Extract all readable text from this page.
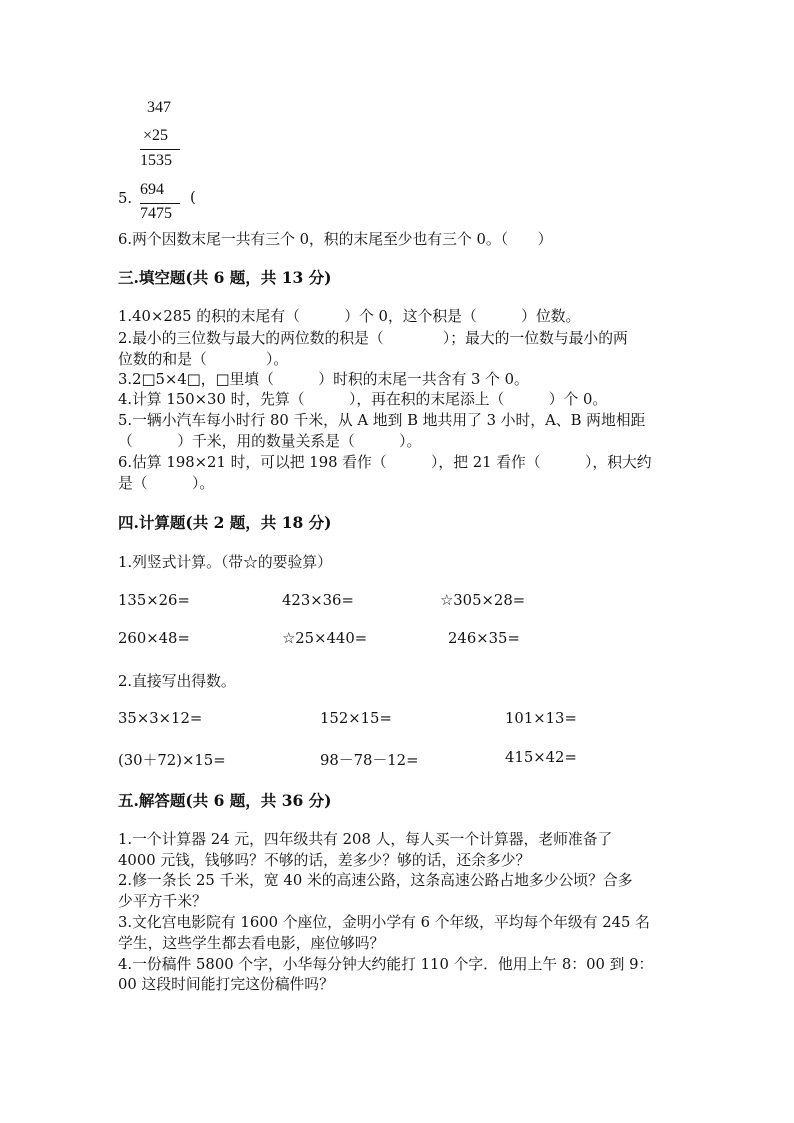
347
×25
1535
5.
694 (
7475
6.两个因数末尾一共有三个 0，积的末尾至少也有三个 0。（　　）
三.填空题(共 6 题，共 13 分)
1.40×285 的积的末尾有（　　　）个 0，这个积是（　　　）位数。
2.最小的三位数与最大的两位数的积是（　　　　）；最大的一位数与最小的两
位数的和是（　　　　）。
3.2□5×4□，□里填（　　　）时积的末尾一共含有 3 个 0。
4.计算 150×30 时，先算（　　　），再在积的末尾添上（　　　）个 0。
5.一辆小汽车每小时行 80 千米，从 A 地到 B 地共用了 3 小时，A、B 两地相距
（　　　）千米，用的数量关系是（　　　）。
6.估算 198×21 时，可以把 198 看作（　　　），把 21 看作（　　　），积大约
是（　　　）。
四.计算题(共 2 题，共 18 分)
1.列竖式计算。（带☆的要验算）
135×26=	423×36=	☆305×28=
260×48=	☆25×440=	246×35=
2.直接写出得数。
35×3×12=	152×15=	101×13=
(30＋72)×15=	98－78－12=	415×42=
五.解答题(共 6 题，共 36 分)
1.一个计算器 24 元，四年级共有 208 人，每人买一个计算器，老师准备了
4000 元钱，钱够吗？不够的话，差多少？够的话，还余多少？
2.修一条长 25 千米，宽 40 米的高速公路，这条高速公路占地多少公顷？合多
少平方千米？
3.文化宫电影院有 1600 个座位，金明小学有 6 个年级，平均每个年级有 245 名
学生，这些学生都去看电影，座位够吗？
4.一份稿件 5800 个字，小华每分钟大约能打 110 个字．他用上午 8：00 到 9：
00 这段时间能打完这份稿件吗？
